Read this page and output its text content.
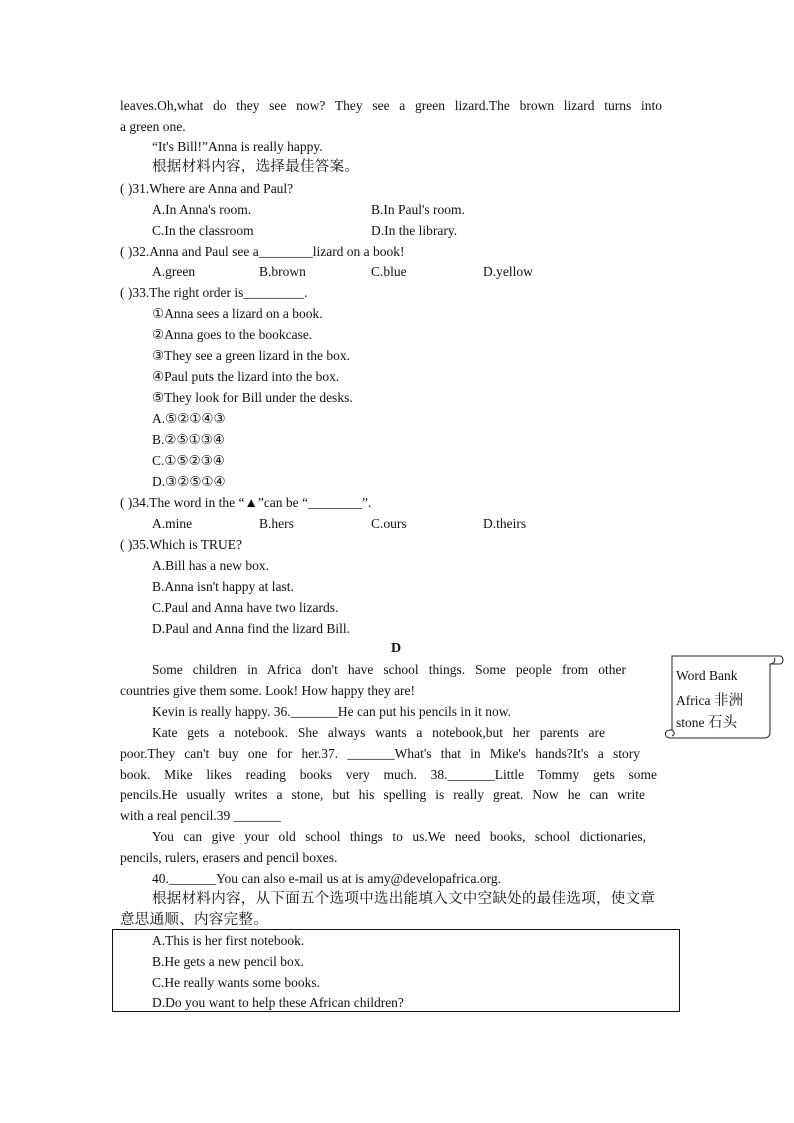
leaves.Oh,what do they see now? They see a green lizard.The brown lizard turns into
a green one.
“It's Bill!”Anna is really happy.
根据材料内容，选择最佳答案。
( )31.Where are Anna and Paul?
A.In Anna's room.	B.In Paul's room.
C.In the classroom	D.In the library.
( )32.Anna and Paul see a________lizard on a book!
A.green	B.brown	C.blue	D.yellow
( )33.The right order is_________.
①Anna sees a lizard on a book.
②Anna goes to the bookcase.
③They see a green lizard in the box.
④Paul puts the lizard into the box.
⑤They look for Bill under the desks.
A.⑤②①④③
B.②⑤①③④
C.①⑤②③④
D.③②⑤①④
( )34.The word in the “▲”can be “________”.
A.mine	B.hers	C.ours	D.theirs
( )35.Which is TRUE?
A.Bill has a new box.
B.Anna isn't happy at last.
C.Paul and Anna have two lizards.
D.Paul and Anna find the lizard Bill.
D
Some children in Africa don't have school things. Some people from other
countries give them some. Look! How happy they are!
Kevin is really happy. 36._______He can put his pencils in it now.
Kate gets a notebook. She always wants a notebook,but her parents are
poor.They can't buy one for her.37. _______What's that in Mike's hands?It's a story
book. Mike likes reading books very much. 38._______Little Tommy gets some
pencils.He usually writes a stone, but his spelling is really great. Now he can write
with a real pencil.39 _______
You can give your old school things to us.We need books, school dictionaries,
pencils, rulers, erasers and pencil boxes.
40._______You can also e-mail us at is amy@developafrica.org.
根据材料内容，从下面五个选项中选出能填入文中空缺处的最佳选项，使文章
意思通顺、内容完整。
A.This is her first notebook.
B.He gets a new pencil box.
C.He really wants some books.
D.Do you want to help these African children?
Word Bank
Africa 非洲
stone 石头
